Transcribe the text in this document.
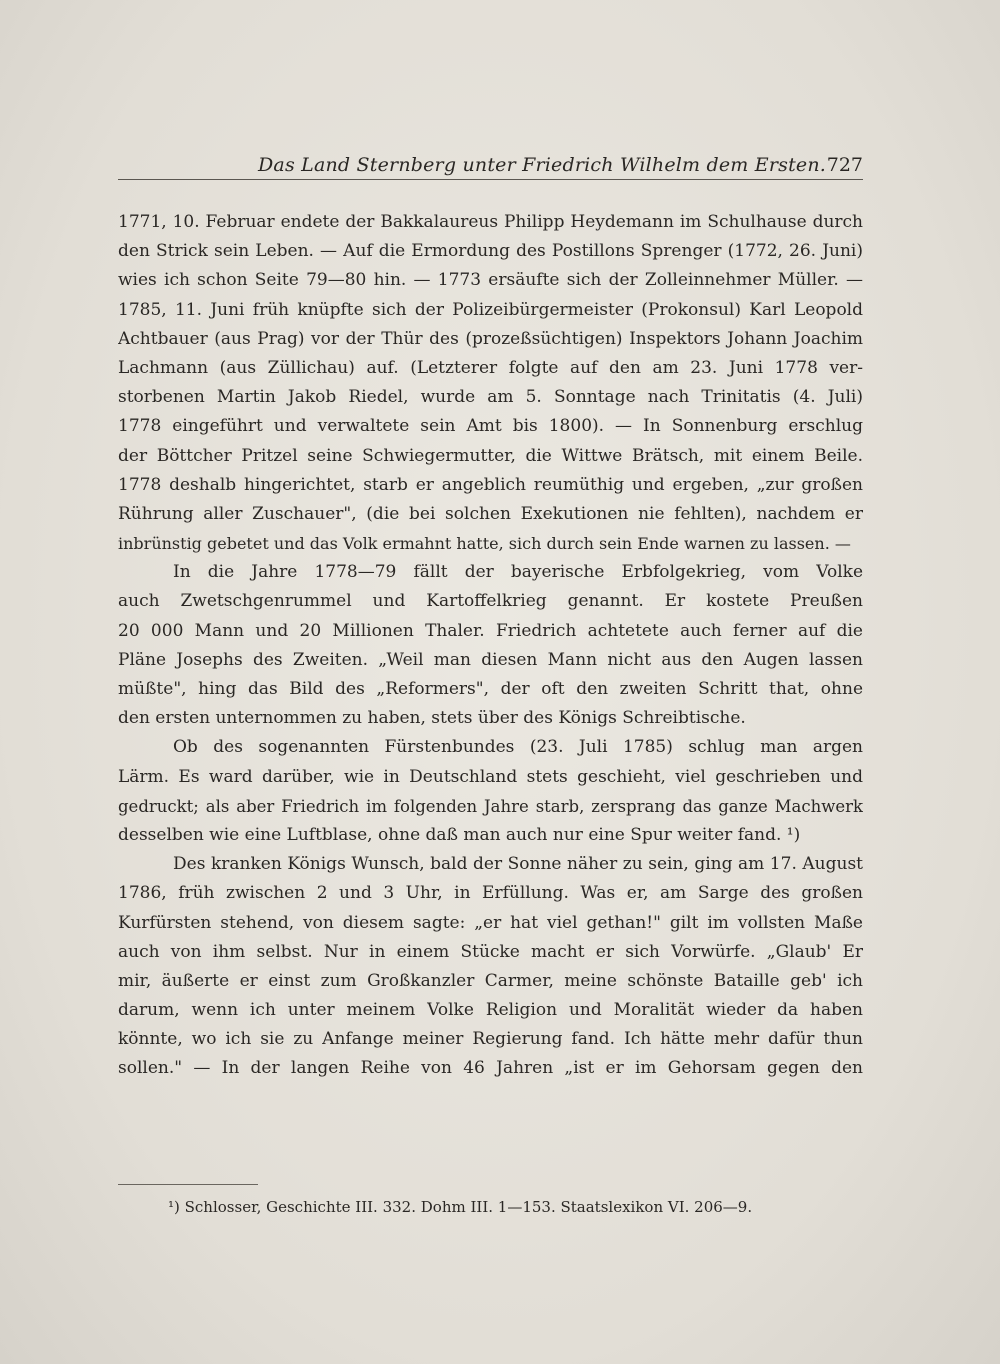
Das Land Sternberg unter Friedrich Wilhelm dem Ersten. 727
1771, 10. Februar endete der Bakkalaureus Philipp Heydemann im Schulhause durch
den Strick sein Leben. — Auf die Ermordung des Postillons Sprenger (1772, 26. Juni)
wies ich schon Seite 79—80 hin. — 1773 ersäufte sich der Zolleinnehmer Müller. —
1785, 11. Juni früh knüpfte sich der Polizeibürgermeister (Prokonsul) Karl Leopold
Achtbauer (aus Prag) vor der Thür des (prozeßsüchtigen) Inspektors Johann Joachim
Lachmann (aus Züllichau) auf. (Letzterer folgte auf den am 23. Juni 1778 ver-
storbenen Martin Jakob Riedel, wurde am 5. Sonntage nach Trinitatis (4. Juli)
1778 eingeführt und verwaltete sein Amt bis 1800). — In Sonnenburg erschlug
der Böttcher Pritzel seine Schwiegermutter, die Wittwe Brätsch, mit einem Beile.
1778 deshalb hingerichtet, starb er angeblich reumüthig und ergeben, „zur großen
Rührung aller Zuschauer", (die bei solchen Exekutionen nie fehlten), nachdem er
inbrünstig gebetet und das Volk ermahnt hatte, sich durch sein Ende warnen zu lassen. —
In die Jahre 1778—79 fällt der bayerische Erbfolgekrieg, vom Volke
auch Zwetschgenrummel und Kartoffelkrieg genannt. Er kostete Preußen
20 000 Mann und 20 Millionen Thaler. Friedrich achtetete auch ferner auf die
Pläne Josephs des Zweiten. „Weil man diesen Mann nicht aus den Augen lassen
müßte", hing das Bild des „Reformers", der oft den zweiten Schritt that, ohne
den ersten unternommen zu haben, stets über des Königs Schreibtische.
Ob des sogenannten Fürstenbundes (23. Juli 1785) schlug man argen
Lärm. Es ward darüber, wie in Deutschland stets geschieht, viel geschrieben und
gedruckt; als aber Friedrich im folgenden Jahre starb, zersprang das ganze Machwerk
desselben wie eine Luftblase, ohne daß man auch nur eine Spur weiter fand. ¹)
Des kranken Königs Wunsch, bald der Sonne näher zu sein, ging am 17. August
1786, früh zwischen 2 und 3 Uhr, in Erfüllung. Was er, am Sarge des großen
Kurfürsten stehend, von diesem sagte: „er hat viel gethan!" gilt im vollsten Maße
auch von ihm selbst. Nur in einem Stücke macht er sich Vorwürfe. „Glaub' Er
mir, äußerte er einst zum Großkanzler Carmer, meine schönste Bataille geb' ich
darum, wenn ich unter meinem Volke Religion und Moralität wieder da haben
könnte, wo ich sie zu Anfange meiner Regierung fand. Ich hätte mehr dafür thun
sollen." — In der langen Reihe von 46 Jahren „ist er im Gehorsam gegen den
¹) Schlosser, Geschichte III. 332. Dohm III. 1—153. Staatslexikon VI. 206—9.
